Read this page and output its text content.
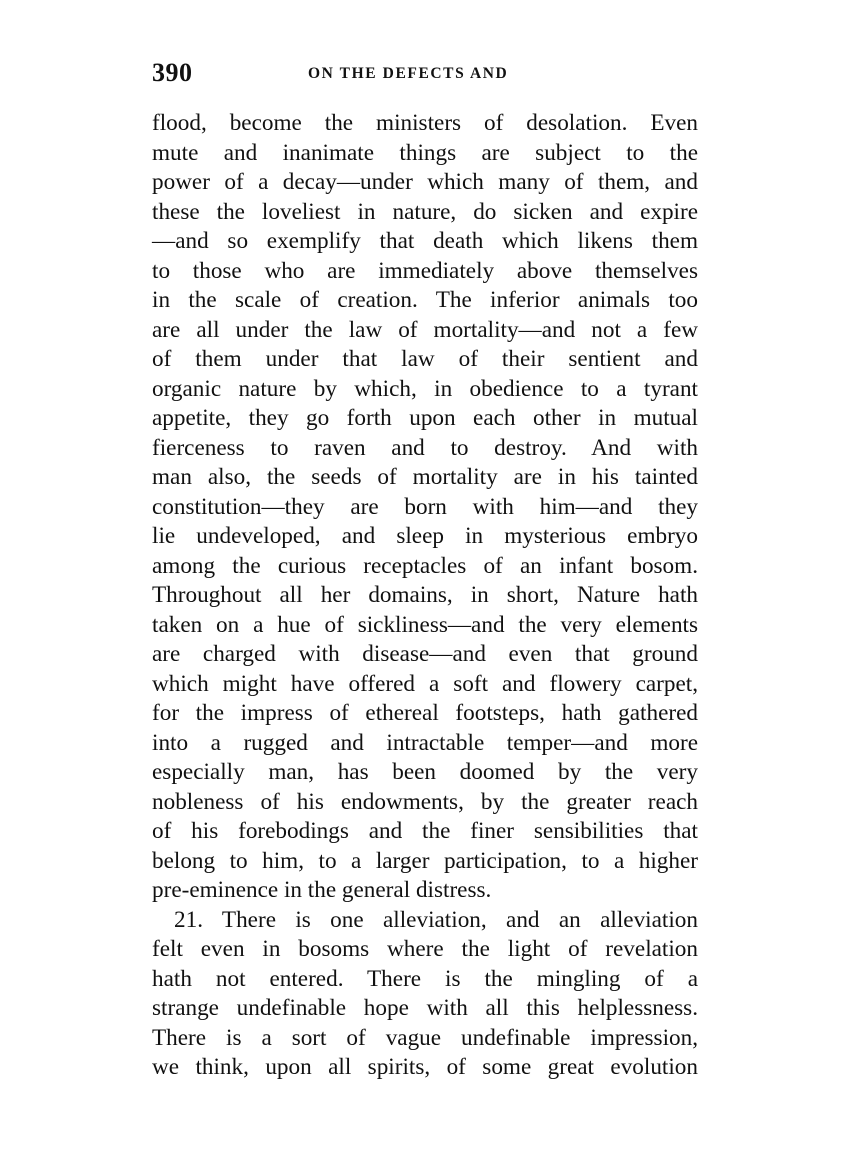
390	ON THE DEFECTS AND
flood, become the ministers of desolation. Even
mute and inanimate things are subject to the
power of a decay—under which many of them, and
these the loveliest in nature, do sicken and expire
—and so exemplify that death which likens them
to those who are immediately above themselves
in the scale of creation. The inferior animals too
are all under the law of mortality—and not a few
of them under that law of their sentient and
organic nature by which, in obedience to a tyrant
appetite, they go forth upon each other in mutual
fierceness to raven and to destroy. And with
man also, the seeds of mortality are in his tainted
constitution—they are born with him—and they
lie undeveloped, and sleep in mysterious embryo
among the curious receptacles of an infant bosom.
Throughout all her domains, in short, Nature hath
taken on a hue of sickliness—and the very elements
are charged with disease—and even that ground
which might have offered a soft and flowery carpet,
for the impress of ethereal footsteps, hath gathered
into a rugged and intractable temper—and more
especially man, has been doomed by the very
nobleness of his endowments, by the greater reach
of his forebodings and the finer sensibilities that
belong to him, to a larger participation, to a higher
pre-eminence in the general distress.
21. There is one alleviation, and an alleviation
felt even in bosoms where the light of revelation
hath not entered. There is the mingling of a
strange undefinable hope with all this helplessness.
There is a sort of vague undefinable impression,
we think, upon all spirits, of some great evolution
